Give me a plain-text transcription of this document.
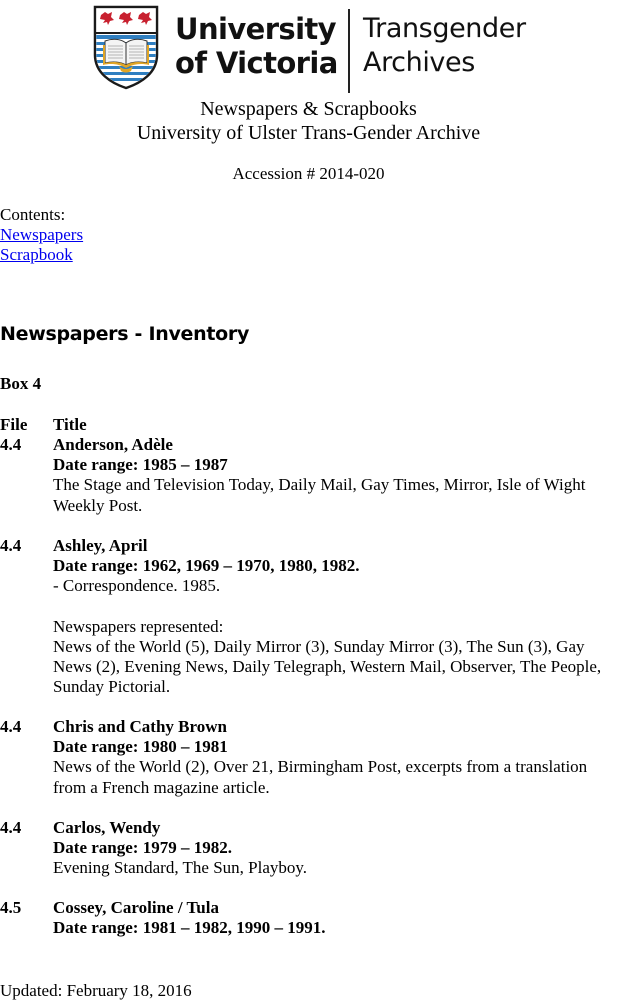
University
of Victoria
Transgender
Archives
Newspapers & Scrapbooks
University of Ulster Trans-Gender Archive
Accession # 2014-020
Contents:
Newspapers
Scrapbook
Newspapers - Inventory
Box 4
File Title
4.4 Anderson, Adèle
Date range: 1985 – 1987
The Stage and Television Today, Daily Mail, Gay Times, Mirror, Isle of Wight Weekly Post.
4.4 Ashley, April
Date range: 1962, 1969 – 1970, 1980, 1982.
- Correspondence. 1985.
Newspapers represented:
News of the World (5), Daily Mirror (3), Sunday Mirror (3), The Sun (3), Gay News (2), Evening News, Daily Telegraph, Western Mail, Observer, The People, Sunday Pictorial.
4.4 Chris and Cathy Brown
Date range: 1980 – 1981
News of the World (2), Over 21, Birmingham Post, excerpts from a translation from a French magazine article.
4.4 Carlos, Wendy
Date range: 1979 – 1982.
Evening Standard, The Sun, Playboy.
4.5 Cossey, Caroline / Tula
Date range: 1981 – 1982, 1990 – 1991.
Updated: February 18, 2016
